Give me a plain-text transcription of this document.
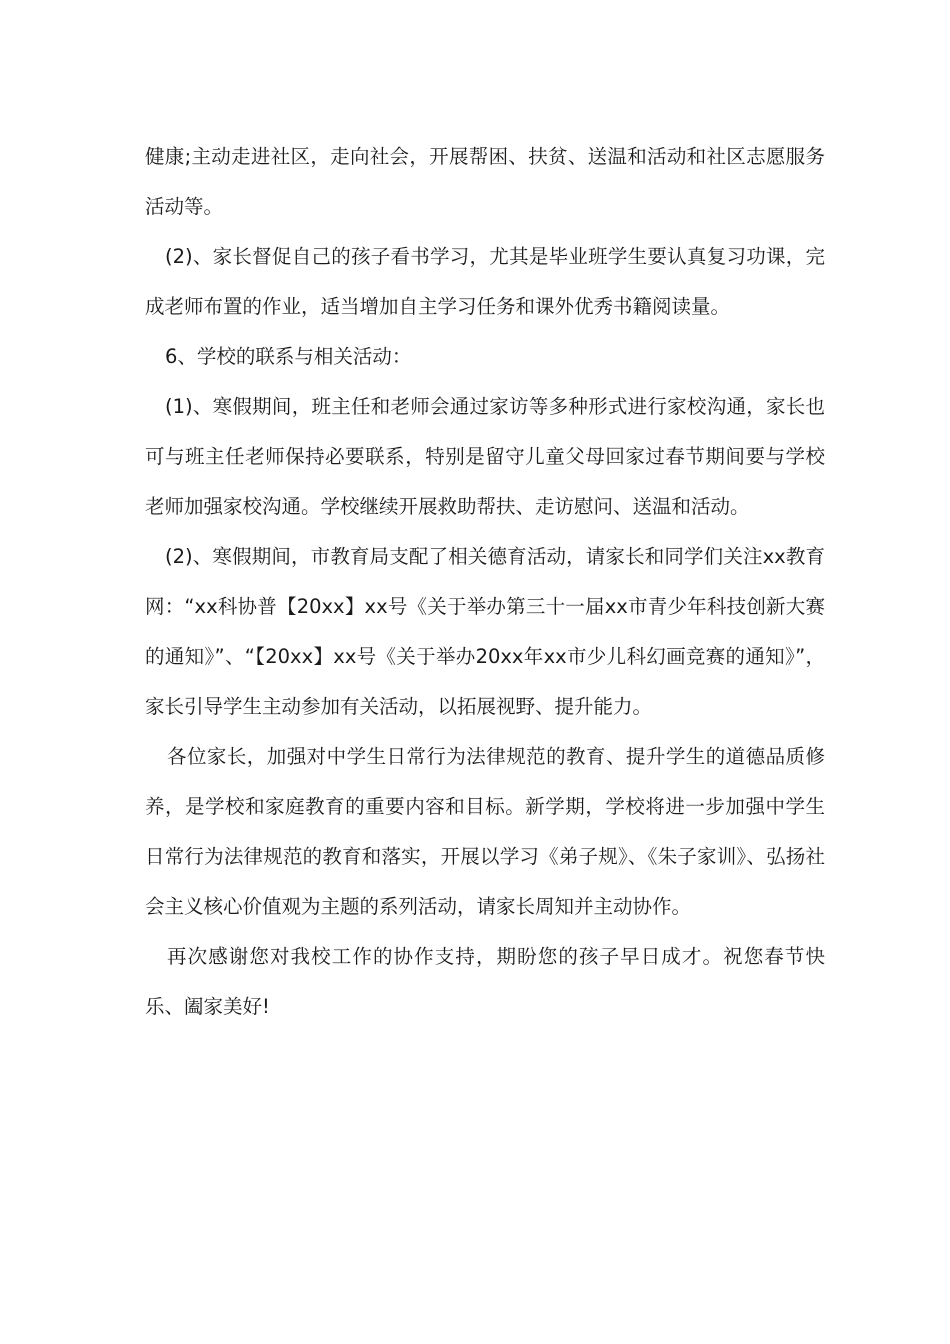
健康;主动走进社区，走向社会，开展帮困、扶贫、送温和活动和社区志愿服务活动等。

(2)、家长督促自己的孩子看书学习，尤其是毕业班学生要认真复习功课，完成老师布置的作业，适当增加自主学习任务和课外优秀书籍阅读量。

6、学校的联系与相关活动：

(1)、寒假期间，班主任和老师会通过家访等多种形式进行家校沟通，家长也可与班主任老师保持必要联系，特别是留守儿童父母回家过春节期间要与学校老师加强家校沟通。学校继续开展救助帮扶、走访慰问、送温和活动。

(2)、寒假期间，市教育局支配了相关德育活动，请家长和同学们关注xx教育网：“xx科协普【20xx】xx号《关于举办第三十一届xx市青少年科技创新大赛的通知》”、“【20xx】xx号《关于举办20xx年xx市少儿科幻画竞赛的通知》”，家长引导学生主动参加有关活动，以拓展视野、提升能力。

各位家长，加强对中学生日常行为法律规范的教育、提升学生的道德品质修养，是学校和家庭教育的重要内容和目标。新学期，学校将进一步加强中学生日常行为法律规范的教育和落实，开展以学习《弟子规》、《朱子家训》、弘扬社会主义核心价值观为主题的系列活动，请家长周知并主动协作。

再次感谢您对我校工作的协作支持，期盼您的孩子早日成才。祝您春节快乐、阖家美好!
